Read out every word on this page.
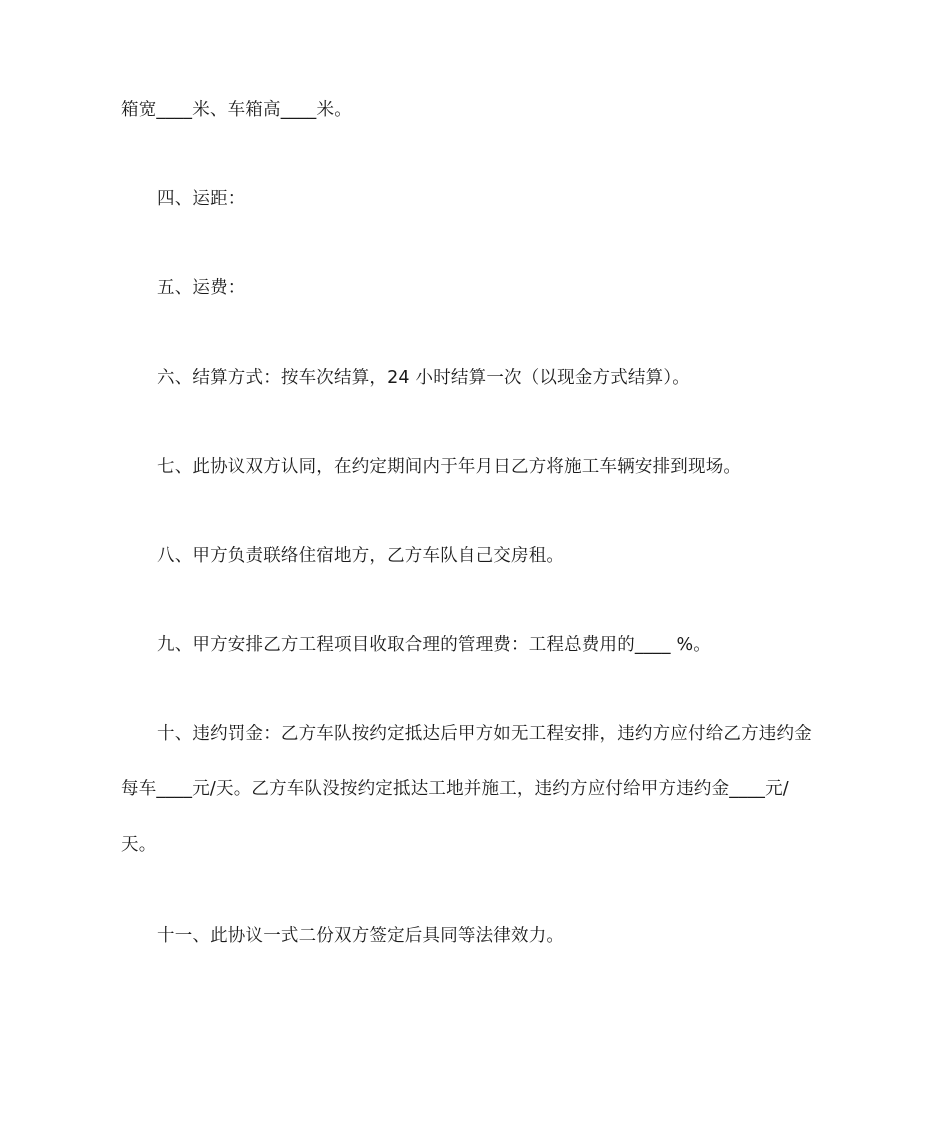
箱宽____米、车箱高____米。
四、运距：
五、运费：
六、结算方式：按车次结算，24 小时结算一次（以现金方式结算）。
七、此协议双方认同，在约定期间内于年月日乙方将施工车辆安排到现场。
八、甲方负责联络住宿地方，乙方车队自己交房租。
九、甲方安排乙方工程项目收取合理的管理费：工程总费用的____ %。
十、违约罚金：乙方车队按约定抵达后甲方如无工程安排，违约方应付给乙方违约金
每车____元/天。乙方车队没按约定抵达工地并施工，违约方应付给甲方违约金____元/
天。
十一、此协议一式二份双方签定后具同等法律效力。
